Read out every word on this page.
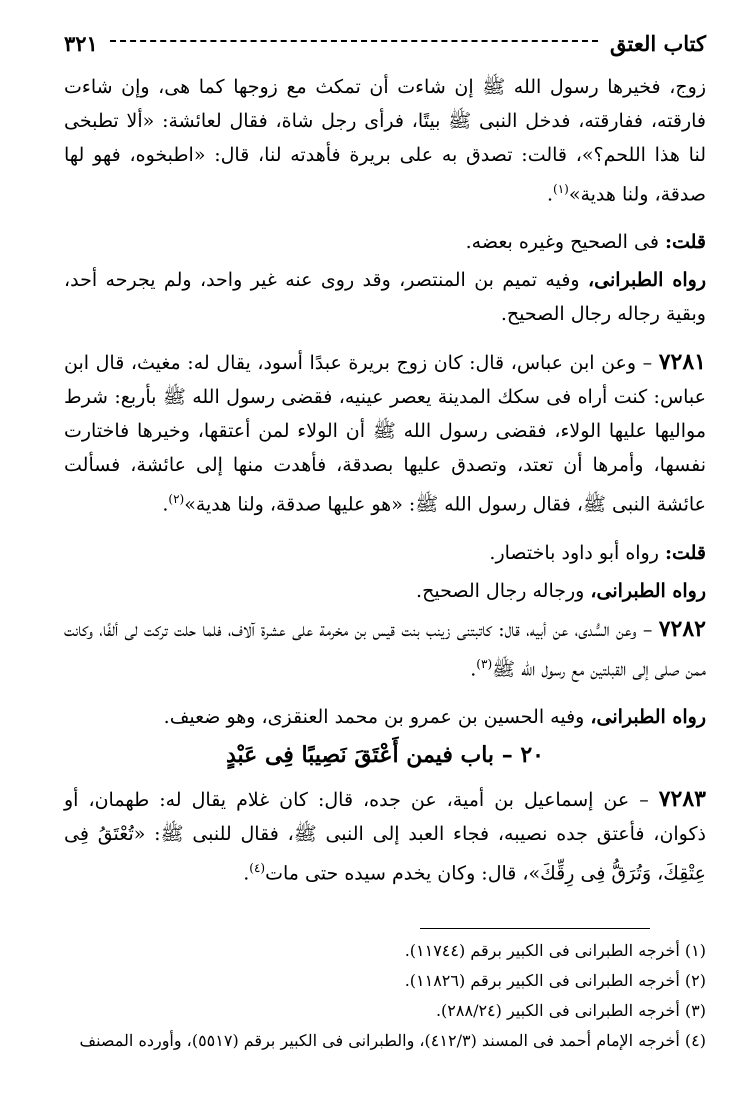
كتاب العتق
٣٢١

زوج، فخيرها رسول الله ﷺ إن شاءت أن تمكث مع زوجها كما هى، وإن شاءت فارقته، ففارقته، فدخل النبى ﷺ بيتًا، فرأى رجل شاة، فقال لعائشة: «ألا تطبخى لنا هذا اللحم؟»، قالت: تصدق به على بريرة فأهدته لنا، قال: «اطبخوه، فهو لها صدقة، ولنا هدية»$^{(١)}$.

قلت: فى الصحيح وغيره بعضه.

رواه الطبرانى، وفيه تميم بن المنتصر، وقد روى عنه غير واحد، ولم يجرحه أحد، وبقية رجاله رجال الصحيح.

٧٢٨١ – وعن ابن عباس، قال: كان زوج بريرة عبدًا أسود، يقال له: مغيث، قال ابن عباس: كنت أراه فى سكك المدينة يعصر عينيه، فقضى رسول الله ﷺ بأربع: شرط مواليها عليها الولاء، فقضى رسول الله ﷺ أن الولاء لمن أعتقها، وخيرها فاختارت نفسها، وأمرها أن تعتد، وتصدق عليها بصدقة، فأهدت منها إلى عائشة، فسألت عائشة النبى ﷺ، فقال رسول الله ﷺ: «هو عليها صدقة، ولنا هدية»$^{(٢)}$.

قلت: رواه أبو داود باختصار.

رواه الطبرانى، ورجاله رجال الصحيح.

٧٢٨٢ – وعن السُّدى، عن أبيه، قال: كاتبتنى زينب بنت قيس بن مخرمة على عشرة آلاف، فلما حلت تركت لى ألفًا، وكانت ممن صلى إلى القبلتين مع رسول الله ﷺ$^{(٣)}$.

رواه الطبرانى، وفيه الحسين بن عمرو بن محمد العنقزى، وهو ضعيف.

٢٠ – باب فيمن أَعْتَقَ نَصِيبًا فِى عَبْدٍ

٧٢٨٣ – عن إسماعيل بن أمية، عن جده، قال: كان غلام يقال له: طهمان، أو ذكوان، فأعتق جده نصيبه، فجاء العبد إلى النبى ﷺ، فقال للنبى ﷺ: «تُعْتَقُ فِى عِتْقِكَ، وَتُرَقُّ فِى رِقِّكَ»، قال: وكان يخدم سيده حتى مات$^{(٤)}$.

(١) أخرجه الطبرانى فى الكبير برقم (١١٧٤٤).
(٢) أخرجه الطبرانى فى الكبير برقم (١١٨٢٦).
(٣) أخرجه الطبرانى فى الكبير (٢٨٨/٢٤).
(٤) أخرجه الإمام أحمد فى المسند (٤١٢/٣)، والطبرانى فى الكبير برقم (٥٥١٧)، وأورده المصنف
